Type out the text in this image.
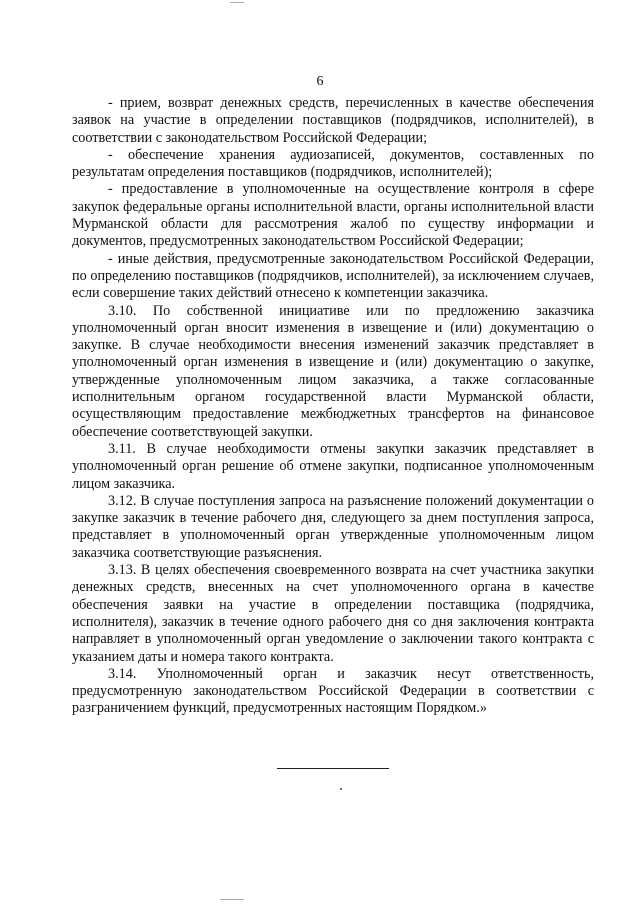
6

- прием, возврат денежных средств, перечисленных в качестве обеспечения заявок на участие в определении поставщиков (подрядчиков, исполнителей), в соответствии с законодательством Российской Федерации;

- обеспечение хранения аудиозаписей, документов, составленных по результатам определения поставщиков (подрядчиков, исполнителей);

- предоставление в уполномоченные на осуществление контроля в сфере закупок федеральные органы исполнительной власти, органы исполнительной власти Мурманской области для рассмотрения жалоб по существу информации и документов, предусмотренных законодательством Российской Федерации;

- иные действия, предусмотренные законодательством Российской Федерации, по определению поставщиков (подрядчиков, исполнителей), за исключением случаев, если совершение таких действий отнесено к компетенции заказчика.

3.10. По собственной инициативе или по предложению заказчика уполномоченный орган вносит изменения в извещение и (или) документацию о закупке. В случае необходимости внесения изменений заказчик представляет в уполномоченный орган изменения в извещение и (или) документацию о закупке, утвержденные уполномоченным лицом заказчика, а также согласованные исполнительным органом государственной власти Мурманской области, осуществляющим предоставление межбюджетных трансфертов на финансовое обеспечение соответствующей закупки.

3.11. В случае необходимости отмены закупки заказчик представляет в уполномоченный орган решение об отмене закупки, подписанное уполномоченным лицом заказчика.

3.12. В случае поступления запроса на разъяснение положений документации о закупке заказчик в течение рабочего дня, следующего за днем поступления запроса, представляет в уполномоченный орган утвержденные уполномоченным лицом заказчика соответствующие разъяснения.

3.13. В целях обеспечения своевременного возврата на счет участника закупки денежных средств, внесенных на счет уполномоченного органа в качестве обеспечения заявки на участие в определении поставщика (подрядчика, исполнителя), заказчик в течение одного рабочего дня со дня заключения контракта направляет в уполномоченный орган уведомление о заключении такого контракта с указанием даты и номера такого контракта.

3.14. Уполномоченный орган и заказчик несут ответственность, предусмотренную законодательством Российской Федерации в соответствии с разграничением функций, предусмотренных настоящим Порядком.»
